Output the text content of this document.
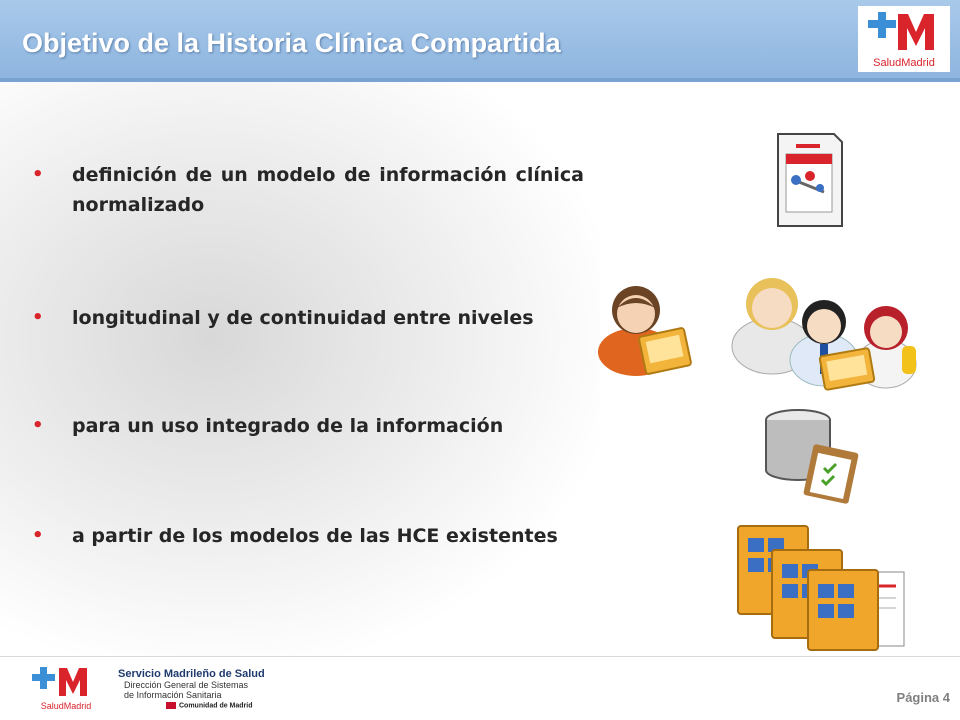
Objetivo de la Historia Clínica Compartida
SaludMadrid
•	definición de un modelo de información clínica normalizado
•	longitudinal y de continuidad entre niveles
•	para un uso integrado de la información
•	a partir de los modelos de las HCE existentes
SaludMadrid
Servicio Madrileño de Salud
Dirección General de Sistemas
de Información Sanitaria
Comunidad de Madrid
Página 4
